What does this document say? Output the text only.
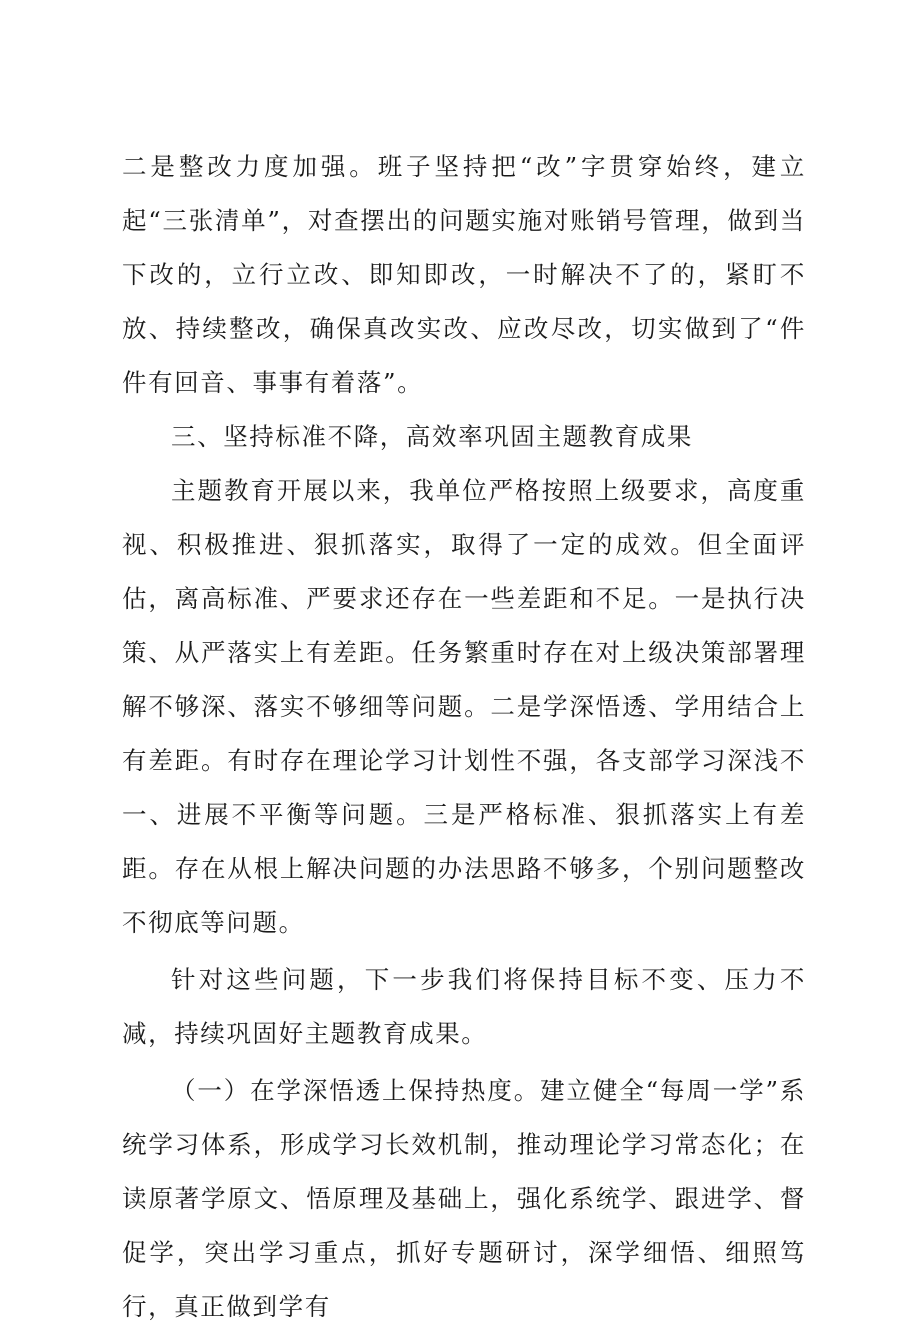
二是整改力度加强。班子坚持把“改”字贯穿始终，建立起“三张清单”，对查摆出的问题实施对账销号管理，做到当下改的，立行立改、即知即改，一时解决不了的，紧盯不放、持续整改，确保真改实改、应改尽改，切实做到了“件件有回音、事事有着落”。

三、坚持标准不降，高效率巩固主题教育成果

主题教育开展以来，我单位严格按照上级要求，高度重视、积极推进、狠抓落实，取得了一定的成效。但全面评估，离高标准、严要求还存在一些差距和不足。一是执行决策、从严落实上有差距。任务繁重时存在对上级决策部署理解不够深、落实不够细等问题。二是学深悟透、学用结合上有差距。有时存在理论学习计划性不强，各支部学习深浅不一、进展不平衡等问题。三是严格标准、狠抓落实上有差距。存在从根上解决问题的办法思路不够多，个别问题整改不彻底等问题。

针对这些问题，下一步我们将保持目标不变、压力不减，持续巩固好主题教育成果。

（一）在学深悟透上保持热度。建立健全“每周一学”系统学习体系，形成学习长效机制，推动理论学习常态化；在读原著学原文、悟原理及基础上，强化系统学、跟进学、督促学，突出学习重点，抓好专题研讨，深学细悟、细照笃行，真正做到学有
